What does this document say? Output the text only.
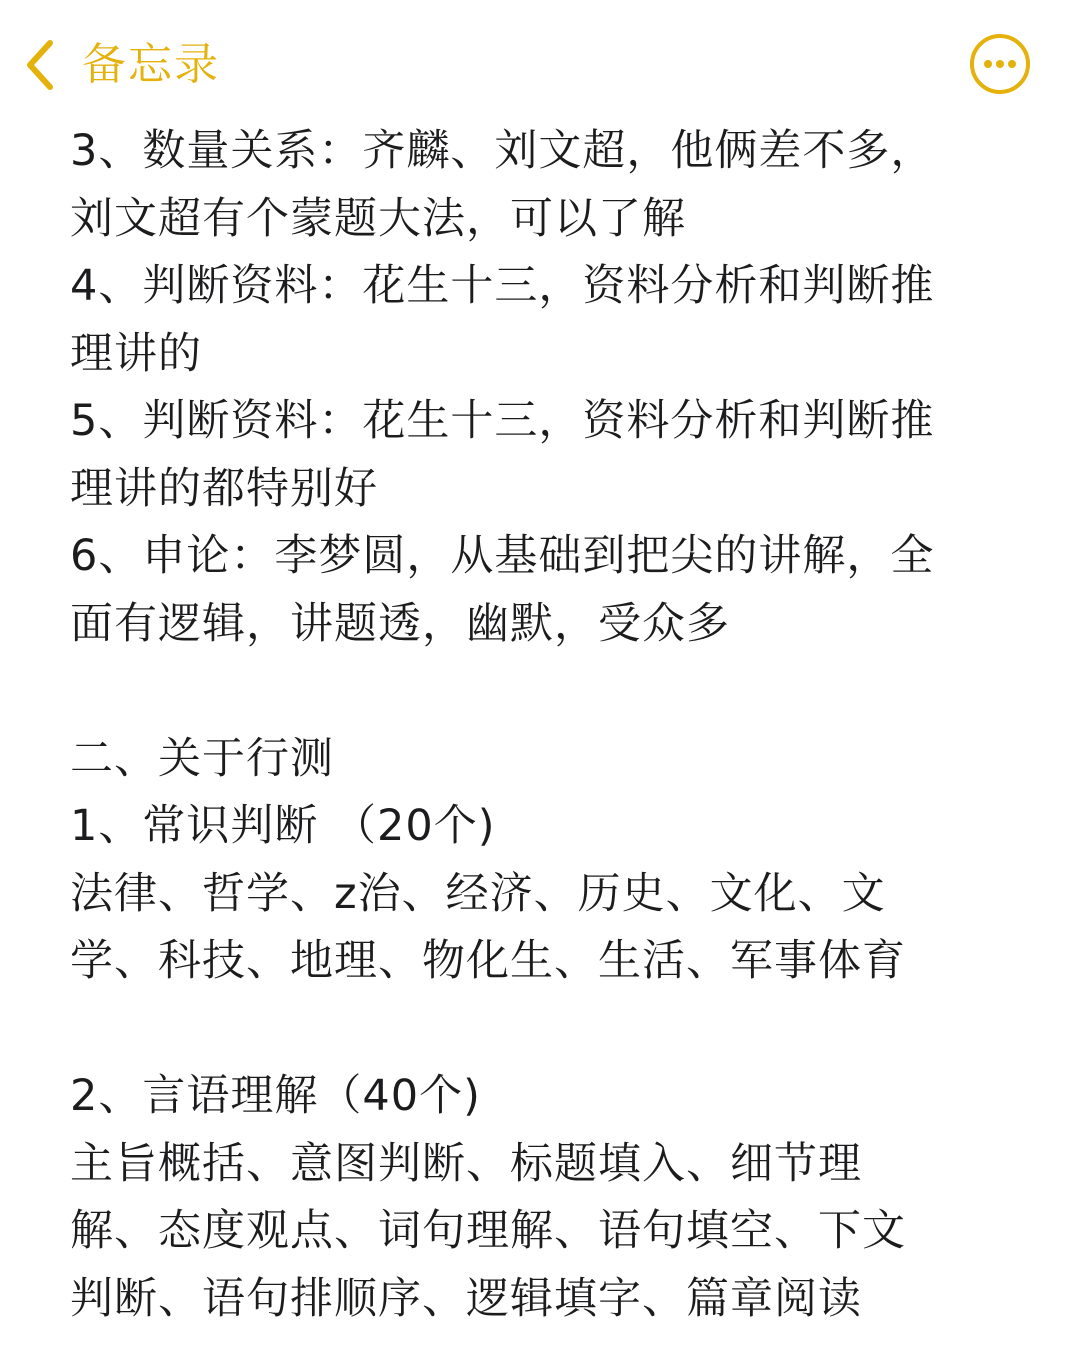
备忘录
3、数量关系：齐麟、刘文超，他俩差不多，
刘文超有个蒙题大法，可以了解
4、判断资料：花生十三，资料分析和判断推
理讲的
5、判断资料：花生十三，资料分析和判断推
理讲的都特别好
6、申论：李梦圆，从基础到把尖的讲解，全
面有逻辑，讲题透，幽默，受众多
二、关于行测
1、常识判断 （20个)
法律、哲学、z治、经济、历史、文化、文
学、科技、地理、物化生、生活、军事体育
2、言语理解（40个)
主旨概括、意图判断、标题填入、细节理
解、态度观点、词句理解、语句填空、下文
判断、语句排顺序、逻辑填字、篇章阅读
